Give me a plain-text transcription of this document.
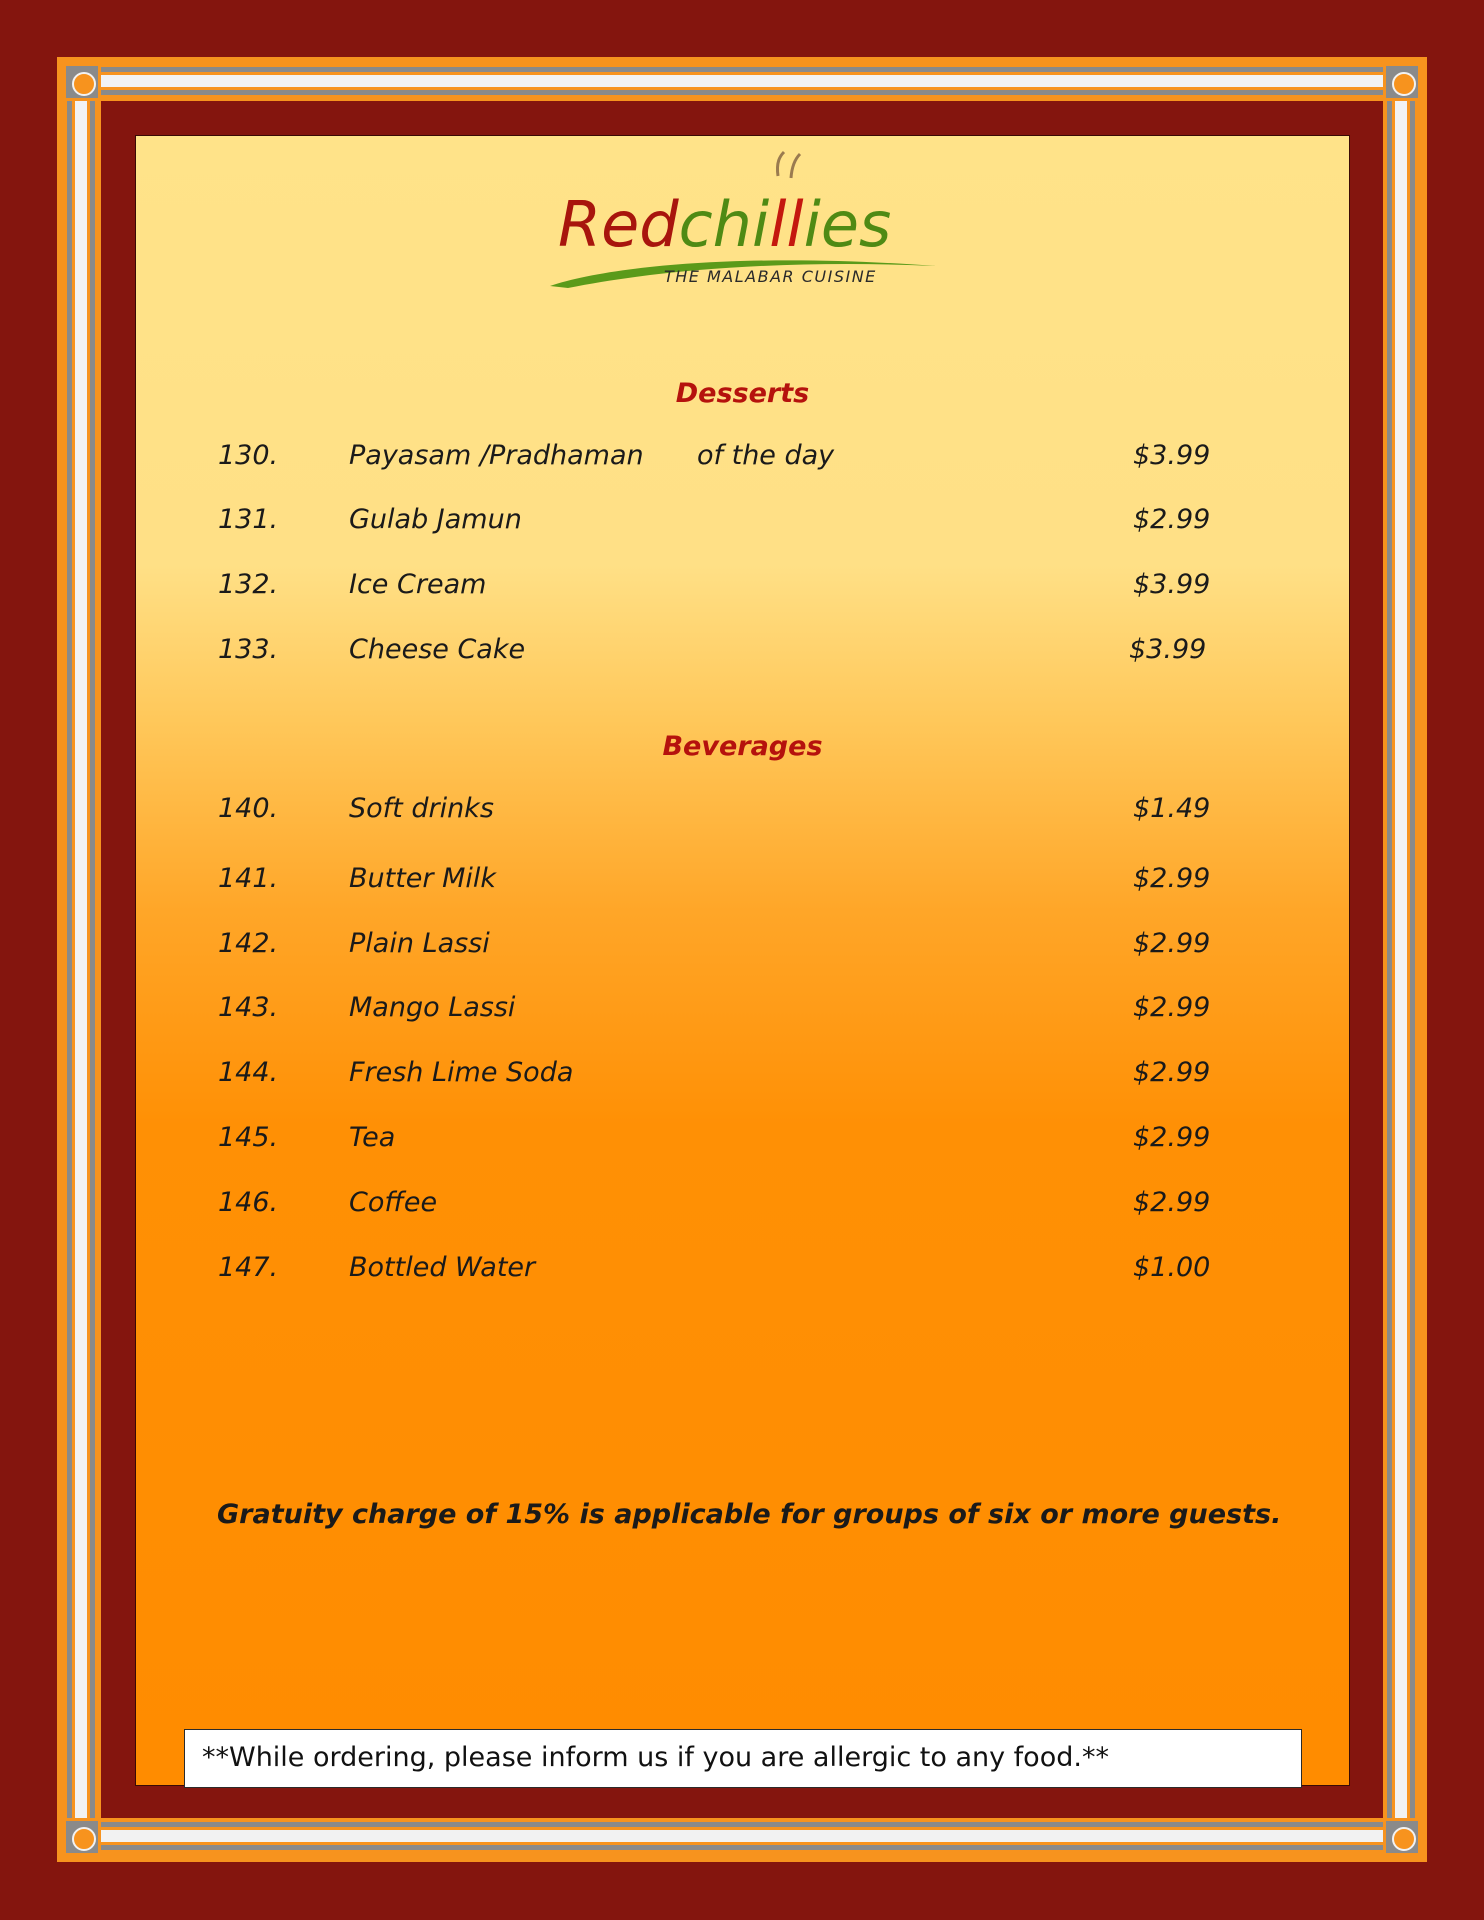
Redchillies
THE MALABAR CUISINE
Desserts
130.	Payasam /Pradhaman of the day	$3.99
131.	Gulab Jamun	$2.99
132.	Ice Cream	$3.99
133.	Cheese Cake	$3.99
Beverages
140.	Soft drinks	$1.49
141.	Butter Milk	$2.99
142.	Plain Lassi	$2.99
143.	Mango Lassi	$2.99
144.	Fresh Lime Soda	$2.99
145.	Tea	$2.99
146.	Coffee	$2.99
147.	Bottled Water	$1.00
Gratuity charge of 15% is applicable for groups of six or more guests.
**While ordering, please inform us if you are allergic to any food.**
